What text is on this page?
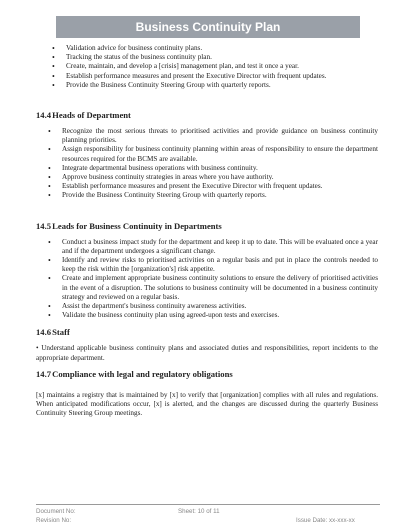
Business Continuity Plan
• Validation advice for business continuity plans.
• Tracking the status of the business continuity plan.
• Create, maintain, and develop a [crisis] management plan, and test it once a year.
• Establish performance measures and present the Executive Director with frequent updates.
• Provide the Business Continuity Steering Group with quarterly reports.
14.4 Heads of Department
• Recognize the most serious threats to prioritised activities and provide guidance on business continuity planning priorities.
• Assign responsibility for business continuity planning within areas of responsibility to ensure the department resources required for the BCMS are available.
• Integrate departmental business operations with business continuity.
• Approve business continuity strategies in areas where you have authority.
• Establish performance measures and present the Executive Director with frequent updates.
• Provide the Business Continuity Steering Group with quarterly reports.
14.5 Leads for Business Continuity in Departments
• Conduct a business impact study for the department and keep it up to date. This will be evaluated once a year and if the department undergoes a significant change.
• Identify and review risks to prioritised activities on a regular basis and put in place the controls needed to keep the risk within the [organization's] risk appetite.
• Create and implement appropriate business continuity solutions to ensure the delivery of prioritised activities in the event of a disruption. The solutions to business continuity will be documented in a business continuity strategy and reviewed on a regular basis.
• Assist the department's business continuity awareness activities.
• Validate the business continuity plan using agreed-upon tests and exercises.
14.6 Staff

• Understand applicable business continuity plans and associated duties and responsibilities, report incidents to the appropriate department.

14.7 Compliance with legal and regulatory obligations

[x] maintains a registry that is maintained by [x] to verify that [organization] complies with all rules and regulations. When anticipated modifications occur, [x] is alerted, and the changes are discussed during the quarterly Business Continuity Steering Group meetings.

Document No:
Revision No:
Sheet: 10 of 11
Issue Date: xx-xxx-xx
